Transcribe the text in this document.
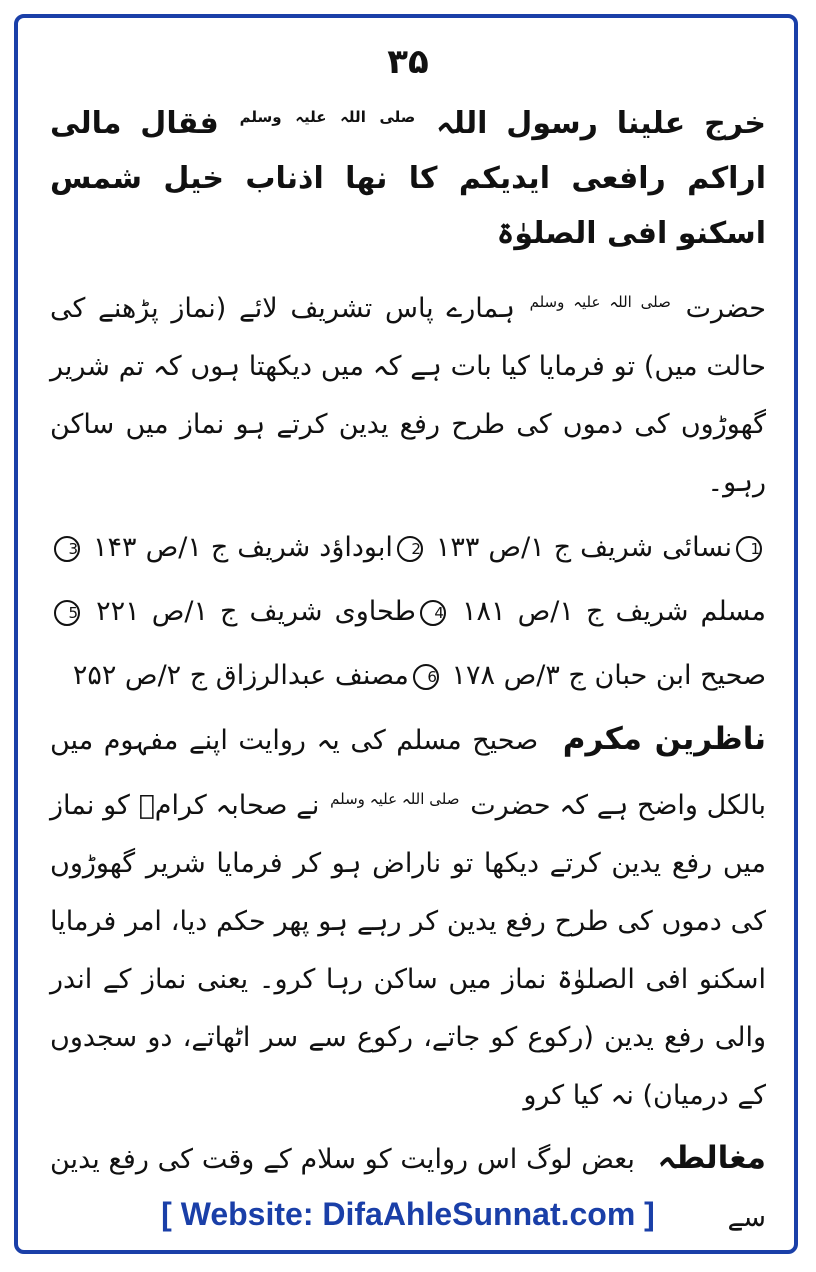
۳۵

خرج علینا رسول اللہ $^{صلی اللہ علیہ وسلم}$ فقال مالی اراکم رافعی ایدیکم کا نھا اذناب خیل شمس اسکنو افی الصلوٰۃ

حضرت $^{صلی اللہ علیہ وسلم}$ ہمارے پاس تشریف لائے (نماز پڑھنے کی حالت میں) تو فرمایا کیا بات ہے کہ میں دیکھتا ہوں کہ تم شریر گھوڑوں کی دموں کی طرح رفع یدین کرتے ہو نماز میں ساکن رہو۔

1نسائی شریف ج ۱/ص ۱۳۳ 2ابوداؤد شریف ج ۱/ص ۱۴۳ 3مسلم شریف ج ۱/ص ۱۸۱ 4طحاوی شریف ج ۱/ص ۲۲۱ 5صحیح ابن حبان ج ۳/ص ۱۷۸ 6مصنف عبدالرزاق ج ۲/ص ۲۵۲

ناظرین مکرم صحیح مسلم کی یہ روایت اپنے مفہوم میں بالکل واضح ہے کہ حضرت $^{صلی اللہ علیہ وسلم}$ نے صحابہ کرامؓ کو نماز میں رفع یدین کرتے دیکھا تو ناراض ہو کر فرمایا شریر گھوڑوں کی دموں کی طرح رفع یدین کر رہے ہو پھر حکم دیا، امر فرمایا اسکنو افی الصلوٰۃ نماز میں ساکن رہا کرو۔ یعنی نماز کے اندر والی رفع یدین (رکوع کو جاتے، رکوع سے سر اٹھاتے، دو سجدوں کے درمیان) نہ کیا کرو

مغالطہ بعض لوگ اس روایت کو سلام کے وقت کی رفع یدین سے

[ Website: DifaAhleSunnat.com ]
